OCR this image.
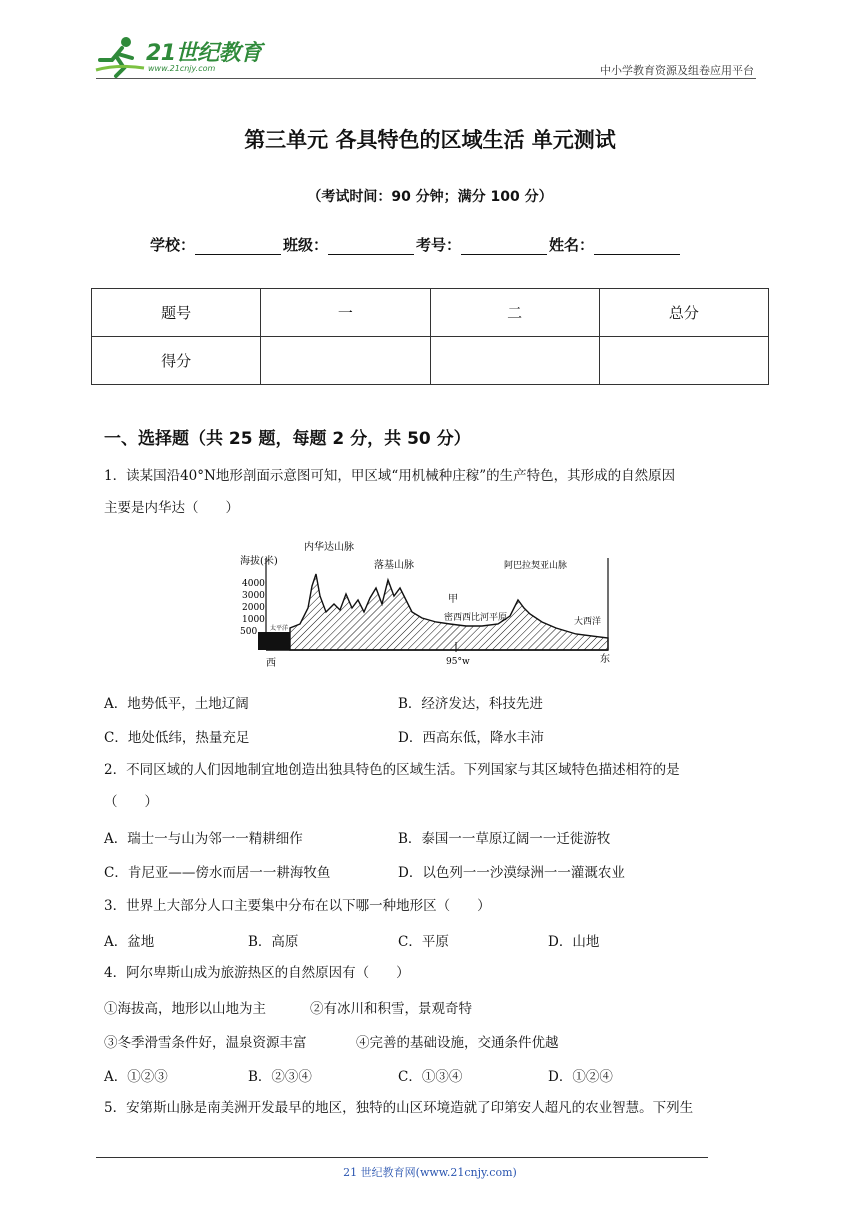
21世纪教育
www.21cnjy.com	中小学教育资源及组卷应用平台
第三单元 各具特色的区域生活 单元测试
（考试时间：90 分钟；满分 100 分）
学校：	班级：	考号：	姓名：
题号	一	二	总分
得分			
一、选择题（共 25 题，每题 2 分，共 50 分）
1．读某国沿40°N地形剖面示意图可知，甲区域“用机械种庄稼”的生产特色，其形成的自然原因
主要是内华达（　　）
海拔(米)
4000
3000
2000
1000
500 太平洋
内华达山脉
落基山脉
甲
阿巴拉契亚山脉
密西西比河平原	大西洋
西	东
95°w
A．地势低平，土地辽阔	B．经济发达，科技先进
C．地处低纬，热量充足	D．西高东低，降水丰沛
2．不同区域的人们因地制宜地创造出独具特色的区域生活。下列国家与其区域特色描述相符的是
（　　）
A．瑞士一与山为邻一一精耕细作	B．泰国一一草原辽阔一一迁徙游牧
C．肯尼亚——傍水而居一一耕海牧鱼	D．以色列一一沙漠绿洲一一灌溉农业
3．世界上大部分人口主要集中分布在以下哪一种地形区（　　）
A．盆地	B．高原	C．平原	D．山地
4．阿尔卑斯山成为旅游热区的自然原因有（　　）
①海拔高，地形以山地为主	②有冰川和积雪，景观奇特
③冬季滑雪条件好，温泉资源丰富	④完善的基础设施，交通条件优越
A．①②③	B．②③④	C．①③④	D．①②④
5．安第斯山脉是南美洲开发最早的地区，独特的山区环境造就了印第安人超凡的农业智慧。下列生
21 世纪教育网(www.21cnjy.com)
